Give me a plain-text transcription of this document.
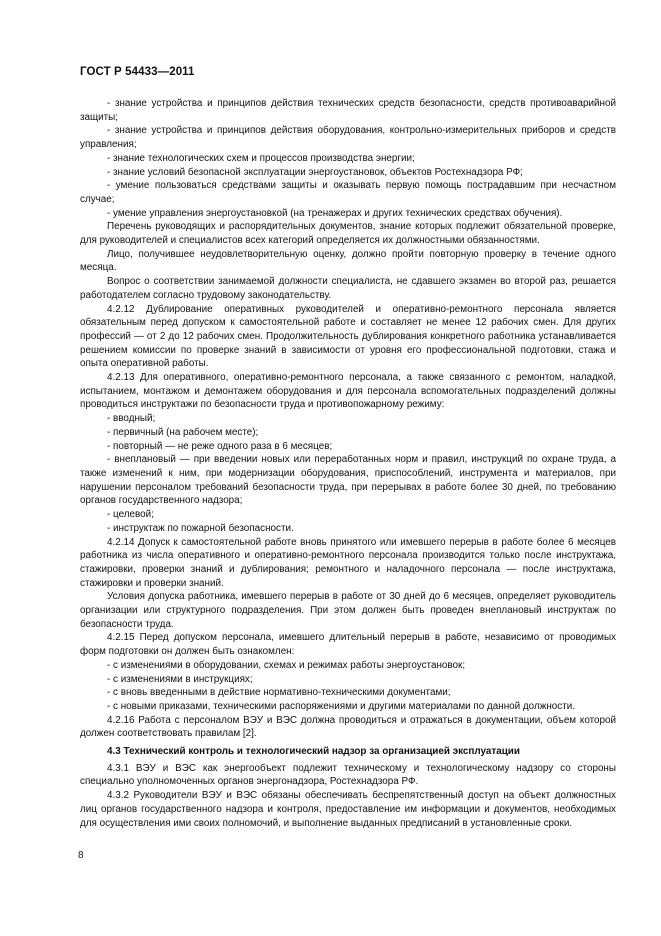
ГОСТ Р 54433—2011

- знание устройства и принципов действия технических средств безопасности, средств противоаварийной защиты;

- знание устройства и принципов действия оборудования, контрольно-измерительных приборов и средств управления;

- знание технологических схем и процессов производства энергии;

- знание условий безопасной эксплуатации энергоустановок, объектов Ростехнадзора РФ;

- умение пользоваться средствами защиты и оказывать первую помощь пострадавшим при несчастном случае;

- умение управления энергоустановкой (на тренажерах и других технических средствах обучения).

Перечень руководящих и распорядительных документов, знание которых подлежит обязательной проверке, для руководителей и специалистов всех категорий определяется их должностными обязанностями.

Лицо, получившее неудовлетворительную оценку, должно пройти повторную проверку в течение одного месяца.

Вопрос о соответствии занимаемой должности специалиста, не сдавшего экзамен во второй раз, решается работодателем согласно трудовому законодательству.

4.2.12 Дублирование оперативных руководителей и оперативно-ремонтного персонала является обязательным перед допуском к самостоятельной работе и составляет не менее 12 рабочих смен. Для других профессий — от 2 до 12 рабочих смен. Продолжительность дублирования конкретного работника устанавливается решением комиссии по проверке знаний в зависимости от уровня его профессиональной подготовки, стажа и опыта оперативной работы.

4.2.13 Для оперативного, оперативно-ремонтного персонала, а также связанного с ремонтом, наладкой, испытанием, монтажом и демонтажем оборудования и для персонала вспомогательных подразделений должны проводиться инструктажи по безопасности труда и противопожарному режиму:

- вводный;

- первичный (на рабочем месте);

- повторный — не реже одного раза в 6 месяцев;

- внеплановый — при введении новых или переработанных норм и правил, инструкций по охране труда, а также изменений к ним, при модернизации оборудования, приспособлений, инструмента и материалов, при нарушении персоналом требований безопасности труда, при перерывах в работе более 30 дней, по требованию органов государственного надзора;

- целевой;

- инструктаж по пожарной безопасности.

4.2.14 Допуск к самостоятельной работе вновь принятого или имевшего перерыв в работе более 6 месяцев работника из числа оперативного и оперативно-ремонтного персонала производится только после инструктажа, стажировки, проверки знаний и дублирования; ремонтного и наладочного персонала — после инструктажа, стажировки и проверки знаний.

Условия допуска работника, имевшего перерыв в работе от 30 дней до 6 месяцев, определяет руководитель организации или структурного подразделения. При этом должен быть проведен внеплановый инструктаж по безопасности труда.

4.2.15 Перед допуском персонала, имевшего длительный перерыв в работе, независимо от проводимых форм подготовки он должен быть ознакомлен:

- с изменениями в оборудовании, схемах и режимах работы энергоустановок;

- с изменениями в инструкциях;

- с вновь введенными в действие нормативно-техническими документами;

- с новыми приказами, техническими распоряжениями и другими материалами по данной должности.

4.2.16 Работа с персоналом ВЭУ и ВЭС должна проводиться и отражаться в документации, объем которой должен соответствовать правилам [2].

4.3 Технический контроль и технологический надзор за организацией эксплуатации

4.3.1 ВЭУ и ВЭС как энергообъект подлежит техническому и технологическому надзору со стороны специально уполномоченных органов энергонадзора, Ростехнадзора РФ.

4.3.2 Руководители ВЭУ и ВЭС обязаны обеспечивать беспрепятственный доступ на объект должностных лиц органов государственного надзора и контроля, предоставление им информации и документов, необходимых для осуществления ими своих полномочий, и выполнение выданных предписаний в установленные сроки.

8
